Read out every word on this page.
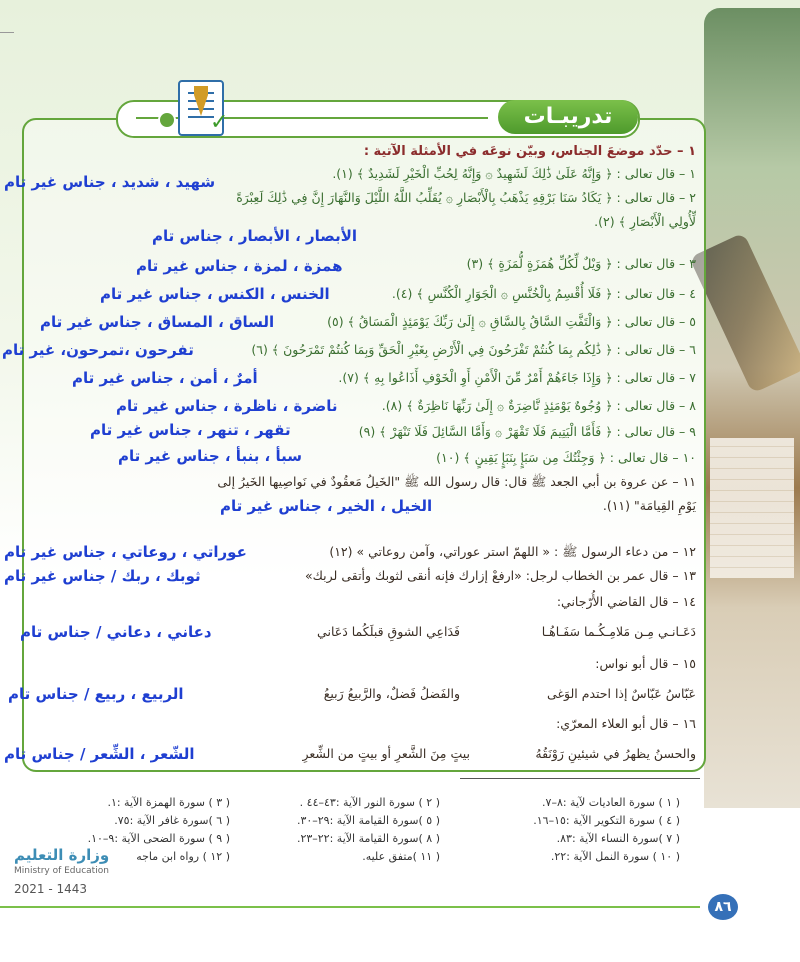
تدريبـات
✓
١ – حدّد موضعَ الجناس، وبيّن نوعَه في الأمثلة الآتية :
١ – قال تعالى : ﴿ وَإِنَّهُ عَلَىٰ ذَٰلِكَ لَشَهِيدٌ ۞ وَإِنَّهُ لِحُبِّ الْخَيْرِ لَشَدِيدٌ ﴾ (١).
٢ – قال تعالى : ﴿ يَكَادُ سَنَا بَرْقِهِ يَذْهَبُ بِالْأَبْصَارِ ۞ يُقَلِّبُ اللَّهُ اللَّيْلَ وَالنَّهَارَ إِنَّ فِي ذَٰلِكَ لَعِبْرَةً
لِّأُولِي الْأَبْصَارِ ﴾ (٢).
٣ – قال تعالى : ﴿ وَيْلٌ لِّكُلِّ هُمَزَةٍ لُّمَزَةٍ ﴾ (٣)
٤ – قال تعالى : ﴿ فَلَا أُقْسِمُ بِالْخُنَّسِ ۞ الْجَوَارِ الْكُنَّسِ ﴾ (٤).
٥ – قال تعالى : ﴿ وَالْتَفَّتِ السَّاقُ بِالسَّاقِ ۞ إِلَىٰ رَبِّكَ يَوْمَئِذٍ الْمَسَاقُ ﴾ (٥)
٦ – قال تعالى : ﴿ ذَٰلِكُم بِمَا كُنتُمْ تَفْرَحُونَ فِي الْأَرْضِ بِغَيْرِ الْحَقِّ وَبِمَا كُنتُمْ تَمْرَحُونَ ﴾ (٦)
٧ – قال تعالى : ﴿ وَإِذَا جَاءَهُمْ أَمْرٌ مِّنَ الْأَمْنِ أَوِ الْخَوْفِ أَذَاعُوا بِهِ ﴾ (٧).
٨ – قال تعالى : ﴿ وُجُوهٌ يَوْمَئِذٍ نَّاضِرَةٌ ۞ إِلَىٰ رَبِّهَا نَاظِرَةٌ ﴾ (٨).
٩ – قال تعالى : ﴿ فَأَمَّا الْيَتِيمَ فَلَا تَقْهَرْ ۞ وَأَمَّا السَّائِلَ فَلَا تَنْهَرْ ﴾ (٩)
١٠ – قال تعالى : ﴿ وَجِئْتُكَ مِن سَبَإٍ بِنَبَإٍ يَقِينٍ ﴾ (١٠)
١١ – عن عروة بن أبي الجعد ﷺ قال: قال رسول الله ﷺ "الخَيلُ مَعقُودٌ في نَواصِيها الخَيرُ إلى
يَوْمِ القِيامَة" (١١).
١٢ – من دعاء الرسول ﷺ : « اللهمّ استر عوراتي، وآمن روعاتي » (١٢)
١٣ – قال عمر بن الخطاب لرجل: «ارفعْ إزارك فإنه أنقى لثوبك وأتقى لربك»
١٤ – قال القاضي الأُرّجاني:
دَعَـانـي مِـن مَلامِـكُـما سَفَـاهُـا
فَدَاعِي الشوقِ قبلَكُما دَعَاني
١٥ – قال أبو نواس:
عَبّاسُ عَبّاسٌ إذا احتدم الوَغى
والفَضلُ فَضلٌ، والرَّبيعُ رَبيعُ
١٦ – قال أبو العلاء المعرّي:
والحسنُ يظهرُ في شيئينِ رَوْنَقُهُ
بيتٍ مِنَ الشَّعرِ أو بيتٍ من الشِّعرِ
شهيد ، شديد ، جناس غير تام
الأبصار ، الأبصار ، جناس تام
همزة ، لمزة ، جناس غير تام
الخنس ، الكنس ، جناس غير تام
الساق ، المساق ، جناس غير تام
تفرحون ،تمرحون، غير تام
أمرٌ ، أمن ، جناس غير تام
ناضرة ، ناظرة ، جناس غير تام
تقهر ، تنهر ، جناس غير تام
سبأ ، بنبأ ، جناس غير تام
الخيل ، الخير ، جناس غير تام
عوراتي ، روعاتي ، جناس غير تام
ثوبك ، ربك / جناس غير تام
دعاني ، دعاني / جناس تام
الربيع ، ربيع / جناس تام
الشّعر ، الشِّعر / جناس تام
( ١ ) سورة العاديات لآية :٨–٧.
( ٢ ) سورة النور الآية :٤٣–٤٤ .
( ٣ ) سورة الهمزة الآية :١.
( ٤ ) سورة التكوير الآية :١٥–١٦.
( ٥ )سورة القيامة الآية :٢٩–٣٠.
( ٦ )سورة غافر الآية :٧٥.
( ٧ )سورة النساء الآية :٨٣.
( ٨ )سورة القيامة الآية :٢٢–٢٣.
( ٩ ) سورة الضحى الآية :٩–١٠.
( ١٠ ) سورة النمل الآية :٢٢.
( ١١ )متفق عليه.
( ١٢ ) رواه ابن ماجه
وزارة التعليم
Ministry of Education
2021 - 1443
٨٦
